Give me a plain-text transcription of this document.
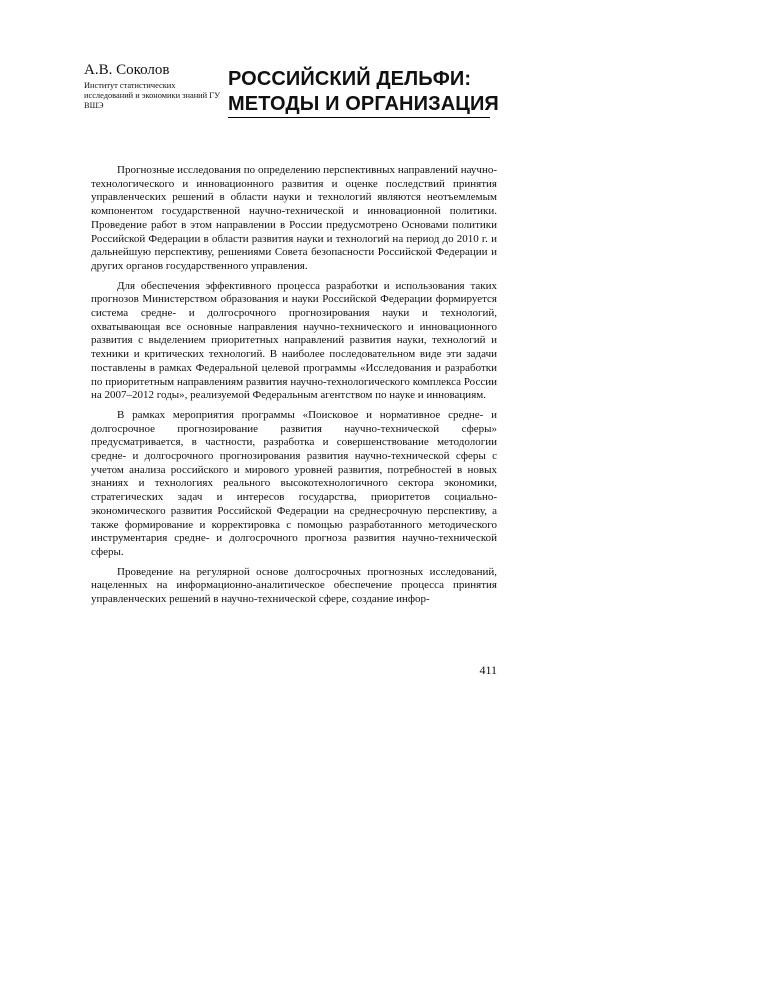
А.В. Соколов
Институт статистических исследований и экономики знаний ГУ ВШЭ
РОССИЙСКИЙ ДЕЛЬФИ:
МЕТОДЫ И ОРГАНИЗАЦИЯ

Прогнозные исследования по определению перспективных направлений научно-технологического и инновационного развития и оценке последствий принятия управленческих решений в области науки и технологий являются неотъемлемым компонентом государственной научно-технической и инновационной политики. Проведение работ в этом направлении в России предусмотрено Основами политики Российской Федерации в области развития науки и технологий на период до 2010 г. и дальнейшую перспективу, решениями Совета безопасности Российской Федерации и других органов государственного управления.

Для обеспечения эффективного процесса разработки и использования таких прогнозов Министерством образования и науки Российской Федерации формируется система средне- и долгосрочного прогнозирования науки и технологий, охватывающая все основные направления научно-технического и инновационного развития с выделением приоритетных направлений развития науки, технологий и техники и критических технологий. В наиболее последовательном виде эти задачи поставлены в рамках Федеральной целевой программы «Исследования и разработки по приоритетным направлениям развития научно-технологического комплекса России на 2007–2012 годы», реализуемой Федеральным агентством по науке и инновациям.

В рамках мероприятия программы «Поисковое и нормативное средне- и долгосрочное прогнозирование развития научно-технической сферы» предусматривается, в частности, разработка и совершенствование методологии средне- и долгосрочного прогнозирования развития научно-технической сферы с учетом анализа российского и мирового уровней развития, потребностей в новых знаниях и технологиях реального высокотехнологичного сектора экономики, стратегических задач и интересов государства, приоритетов социально-экономического развития Российской Федерации на среднесрочную перспективу, а также формирование и корректировка с помощью разработанного методического инструментария средне- и долгосрочного прогноза развития научно-технической сферы.

Проведение на регулярной основе долгосрочных прогнозных исследований, нацеленных на информационно-аналитическое обеспечение процесса принятия управленческих решений в научно-технической сфере, создание инфор-

411
